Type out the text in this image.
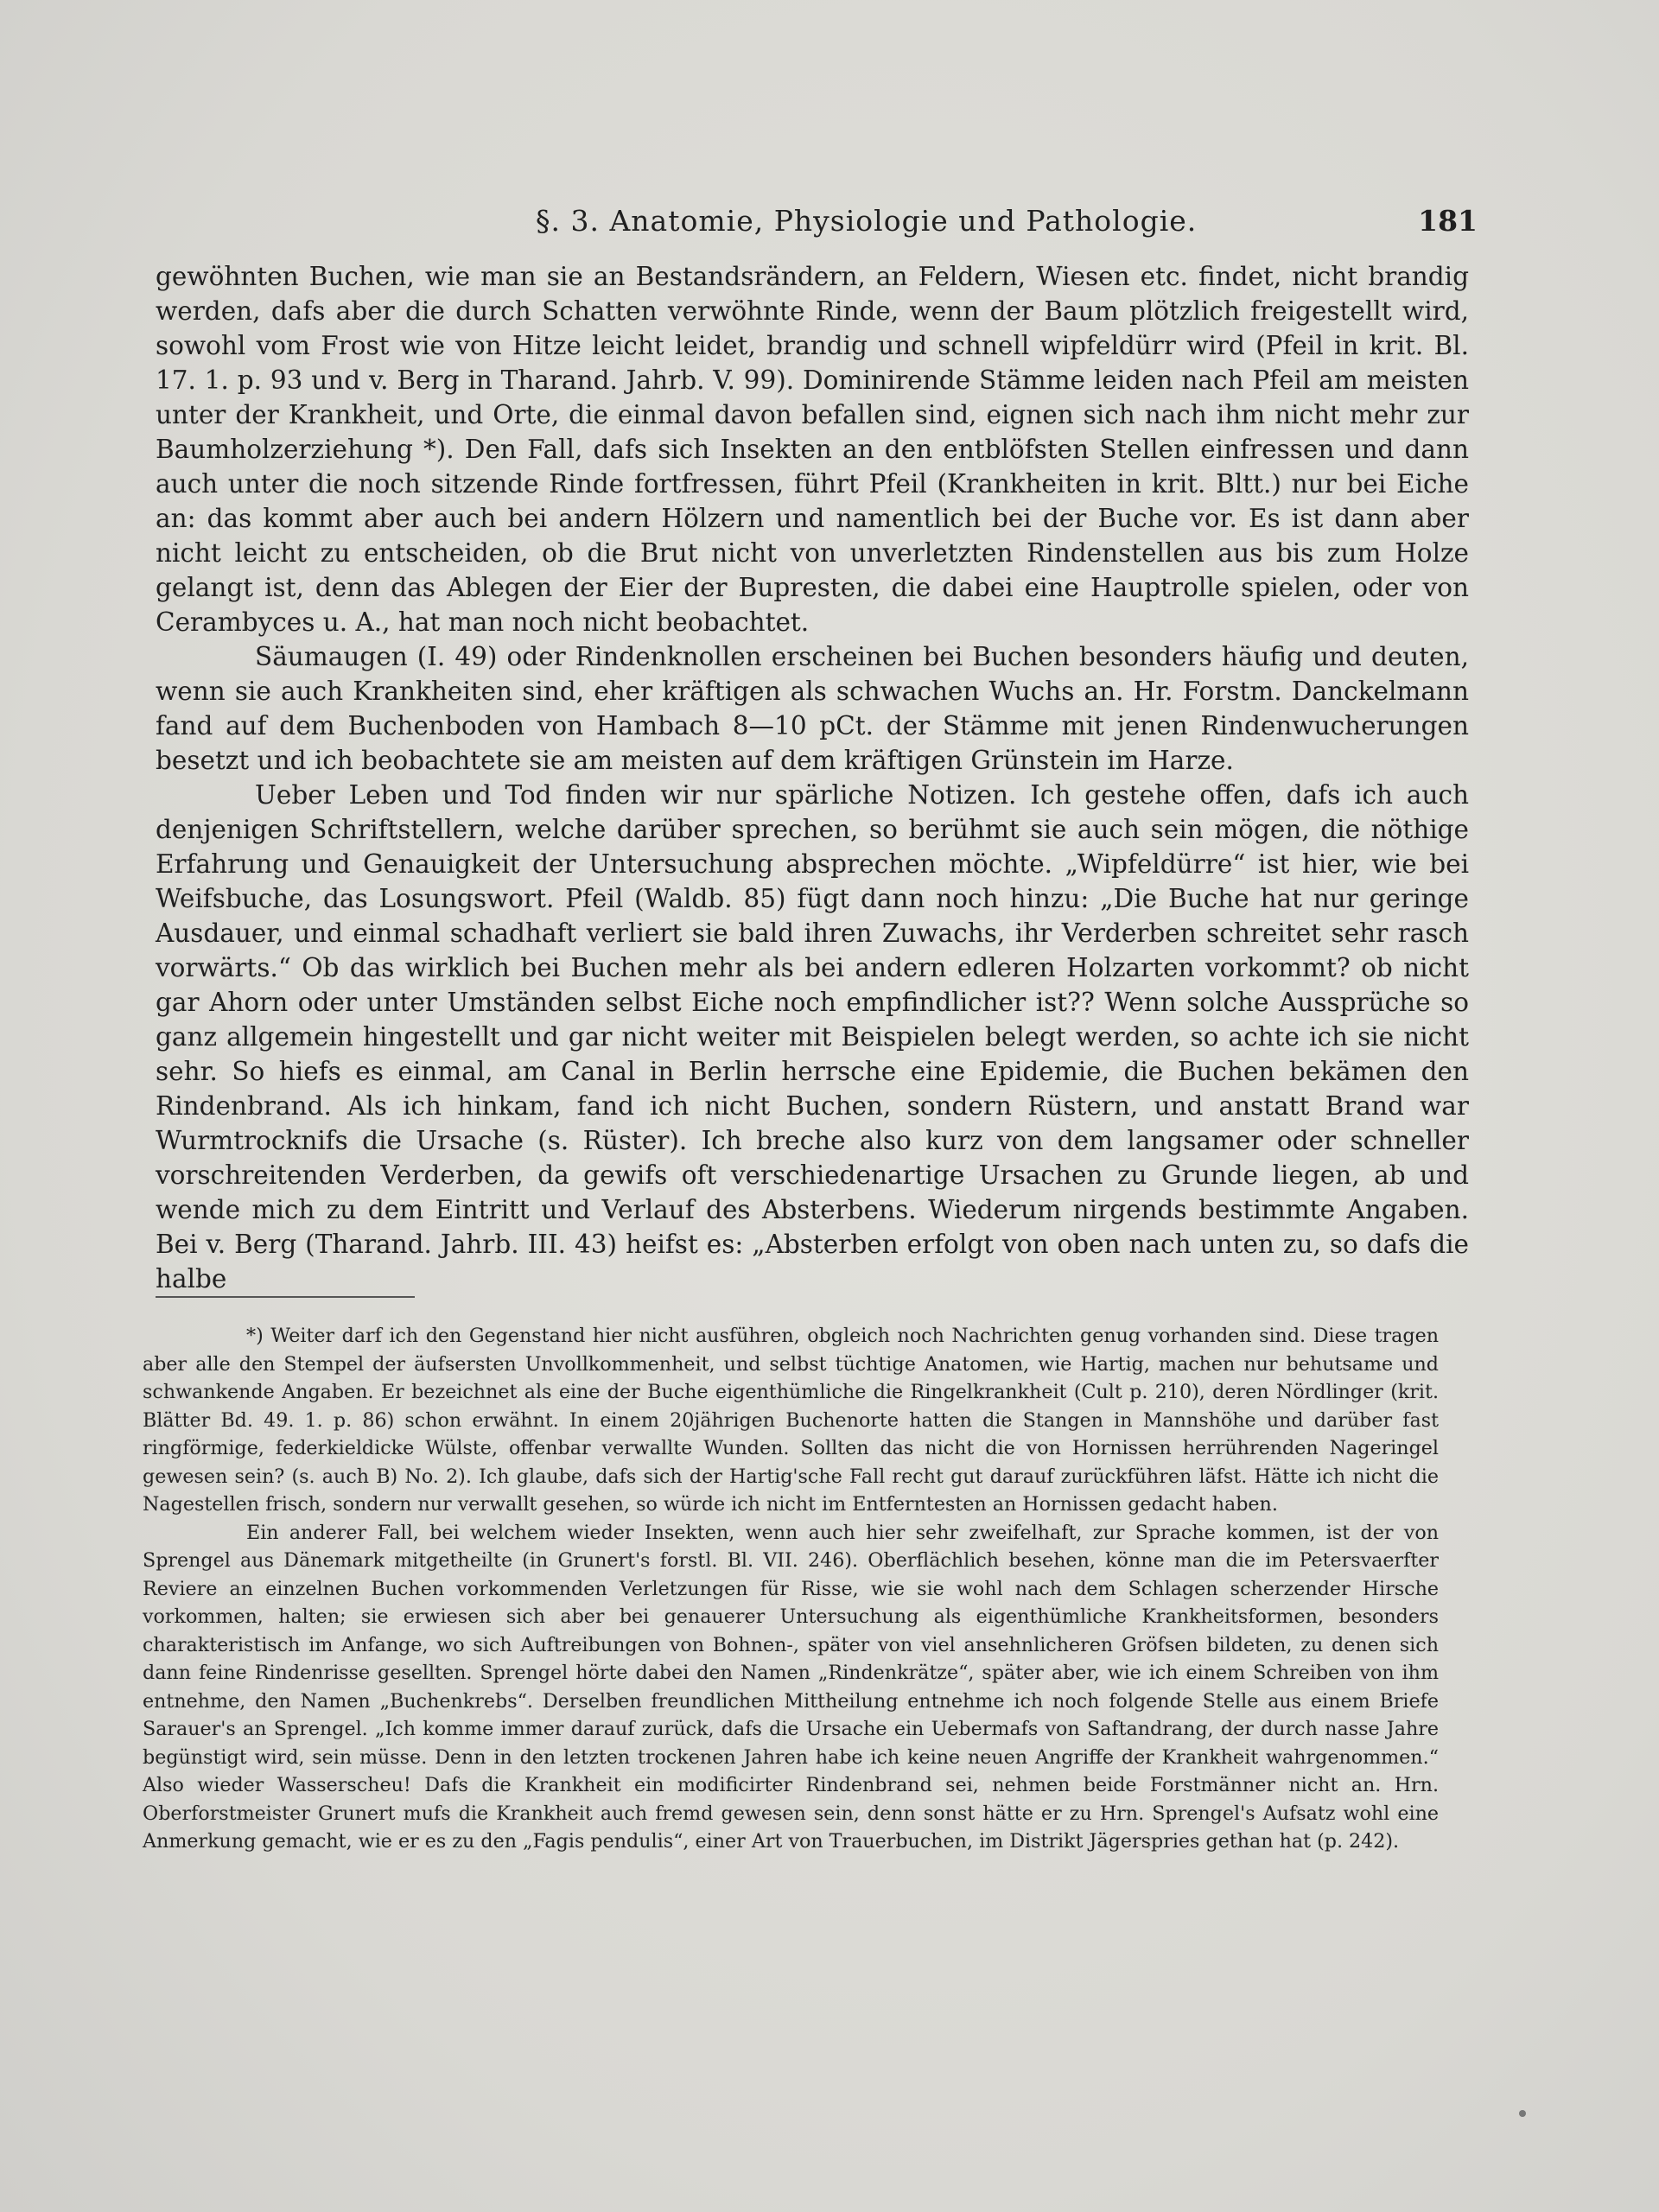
§. 3. Anatomie, Physiologie und Pathologie.	181

gewöhnten Buchen, wie man sie an Bestandsrändern, an Feldern, Wiesen etc. findet, nicht brandig werden, dafs aber die durch Schatten verwöhnte Rinde, wenn der Baum plötzlich freigestellt wird, sowohl vom Frost wie von Hitze leicht leidet, brandig und schnell wipfeldürr wird (Pfeil in krit. Bl. 17. 1. p. 93 und v. Berg in Tharand. Jahrb. V. 99). Dominirende Stämme leiden nach Pfeil am meisten unter der Krankheit, und Orte, die einmal davon befallen sind, eignen sich nach ihm nicht mehr zur Baumholzerziehung *). Den Fall, dafs sich Insekten an den entblöfsten Stellen einfressen und dann auch unter die noch sitzende Rinde fortfressen, führt Pfeil (Krankheiten in krit. Bltt.) nur bei Eiche an: das kommt aber auch bei andern Hölzern und namentlich bei der Buche vor. Es ist dann aber nicht leicht zu entscheiden, ob die Brut nicht von unverletzten Rindenstellen aus bis zum Holze gelangt ist, denn das Ablegen der Eier der Bupresten, die dabei eine Hauptrolle spielen, oder von Cerambyces u. A., hat man noch nicht beobachtet.

Säumaugen (I. 49) oder Rindenknollen erscheinen bei Buchen besonders häufig und deuten, wenn sie auch Krankheiten sind, eher kräftigen als schwachen Wuchs an. Hr. Forstm. Danckelmann fand auf dem Buchenboden von Hambach 8—10 pCt. der Stämme mit jenen Rindenwucherungen besetzt und ich beobachtete sie am meisten auf dem kräftigen Grünstein im Harze.

Ueber Leben und Tod finden wir nur spärliche Notizen. Ich gestehe offen, dafs ich auch denjenigen Schriftstellern, welche darüber sprechen, so berühmt sie auch sein mögen, die nöthige Erfahrung und Genauigkeit der Untersuchung absprechen möchte. „Wipfeldürre“ ist hier, wie bei Weifsbuche, das Losungswort. Pfeil (Waldb. 85) fügt dann noch hinzu: „Die Buche hat nur geringe Ausdauer, und einmal schadhaft verliert sie bald ihren Zuwachs, ihr Verderben schreitet sehr rasch vorwärts.“ Ob das wirklich bei Buchen mehr als bei andern edleren Holzarten vorkommt? ob nicht gar Ahorn oder unter Umständen selbst Eiche noch empfindlicher ist?? Wenn solche Aussprüche so ganz allgemein hingestellt und gar nicht weiter mit Beispielen belegt werden, so achte ich sie nicht sehr. So hiefs es einmal, am Canal in Berlin herrsche eine Epidemie, die Buchen bekämen den Rindenbrand. Als ich hinkam, fand ich nicht Buchen, sondern Rüstern, und anstatt Brand war Wurmtrocknifs die Ursache (s. Rüster). Ich breche also kurz von dem langsamer oder schneller vorschreitenden Verderben, da gewifs oft verschiedenartige Ursachen zu Grunde liegen, ab und wende mich zu dem Eintritt und Verlauf des Absterbens. Wiederum nirgends bestimmte Angaben. Bei v. Berg (Tharand. Jahrb. III. 43) heifst es: „Absterben erfolgt von oben nach unten zu, so dafs die halbe

*) Weiter darf ich den Gegenstand hier nicht ausführen, obgleich noch Nachrichten genug vorhanden sind. Diese tragen aber alle den Stempel der äufsersten Unvollkommenheit, und selbst tüchtige Anatomen, wie Hartig, machen nur behutsame und schwankende Angaben. Er bezeichnet als eine der Buche eigenthümliche die Ringelkrankheit (Cult p. 210), deren Nördlinger (krit. Blätter Bd. 49. 1. p. 86) schon erwähnt. In einem 20jährigen Buchenorte hatten die Stangen in Mannshöhe und darüber fast ringförmige, federkieldicke Wülste, offenbar verwallte Wunden. Sollten das nicht die von Hornissen herrührenden Nageringel gewesen sein? (s. auch B) No. 2). Ich glaube, dafs sich der Hartig'sche Fall recht gut darauf zurückführen läfst. Hätte ich nicht die Nagestellen frisch, sondern nur verwallt gesehen, so würde ich nicht im Entferntesten an Hornissen gedacht haben.

Ein anderer Fall, bei welchem wieder Insekten, wenn auch hier sehr zweifelhaft, zur Sprache kommen, ist der von Sprengel aus Dänemark mitgetheilte (in Grunert's forstl. Bl. VII. 246). Oberflächlich besehen, könne man die im Petersvaerfter Reviere an einzelnen Buchen vorkommenden Verletzungen für Risse, wie sie wohl nach dem Schlagen scherzender Hirsche vorkommen, halten; sie erwiesen sich aber bei genauerer Untersuchung als eigenthümliche Krankheitsformen, besonders charakteristisch im Anfange, wo sich Auftreibungen von Bohnen-, später von viel ansehnlicheren Gröfsen bildeten, zu denen sich dann feine Rindenrisse gesellten. Sprengel hörte dabei den Namen „Rindenkrätze“, später aber, wie ich einem Schreiben von ihm entnehme, den Namen „Buchenkrebs“. Derselben freundlichen Mittheilung entnehme ich noch folgende Stelle aus einem Briefe Sarauer's an Sprengel. „Ich komme immer darauf zurück, dafs die Ursache ein Uebermafs von Saftandrang, der durch nasse Jahre begünstigt wird, sein müsse. Denn in den letzten trockenen Jahren habe ich keine neuen Angriffe der Krankheit wahrgenommen.“ Also wieder Wasserscheu! Dafs die Krankheit ein modificirter Rindenbrand sei, nehmen beide Forstmänner nicht an. Hrn. Oberforstmeister Grunert mufs die Krankheit auch fremd gewesen sein, denn sonst hätte er zu Hrn. Sprengel's Aufsatz wohl eine Anmerkung gemacht, wie er es zu den „Fagis pendulis“, einer Art von Trauerbuchen, im Distrikt Jägerspries gethan hat (p. 242).
